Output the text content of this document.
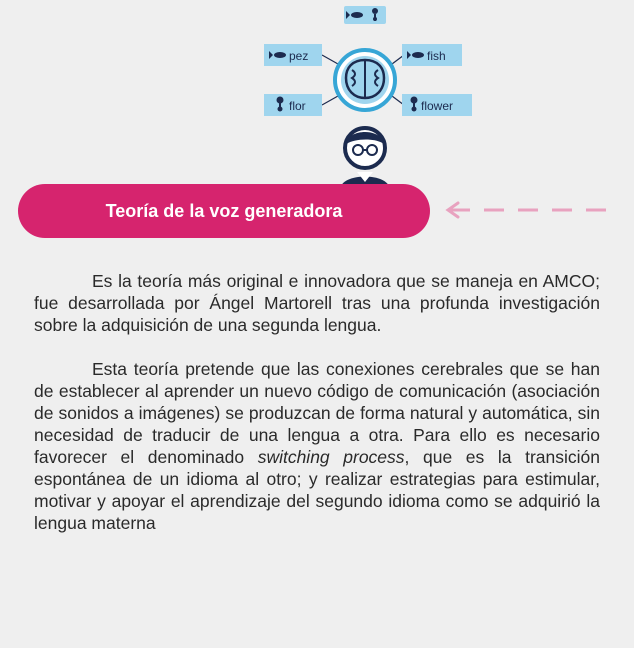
pez
flor
fish
flower
Teoría de la voz generadora

Es la teoría más original e innovadora que se maneja en AMCO; fue desarrollada por Ángel Martorell tras una profunda investigación sobre la adquisición de una segunda lengua.

Esta teoría pretende que las conexiones cerebrales que se han de establecer al aprender un nuevo código de comunicación (asociación de sonidos a imágenes) se produzcan de forma natural y automática, sin necesidad de traducir de una lengua a otra. Para ello es necesario favorecer el denominado switching process, que es la transición espontánea de un idioma al otro; y realizar estrategias para estimular, motivar y apoyar el aprendizaje del segundo idioma como se adquirió la lengua materna
